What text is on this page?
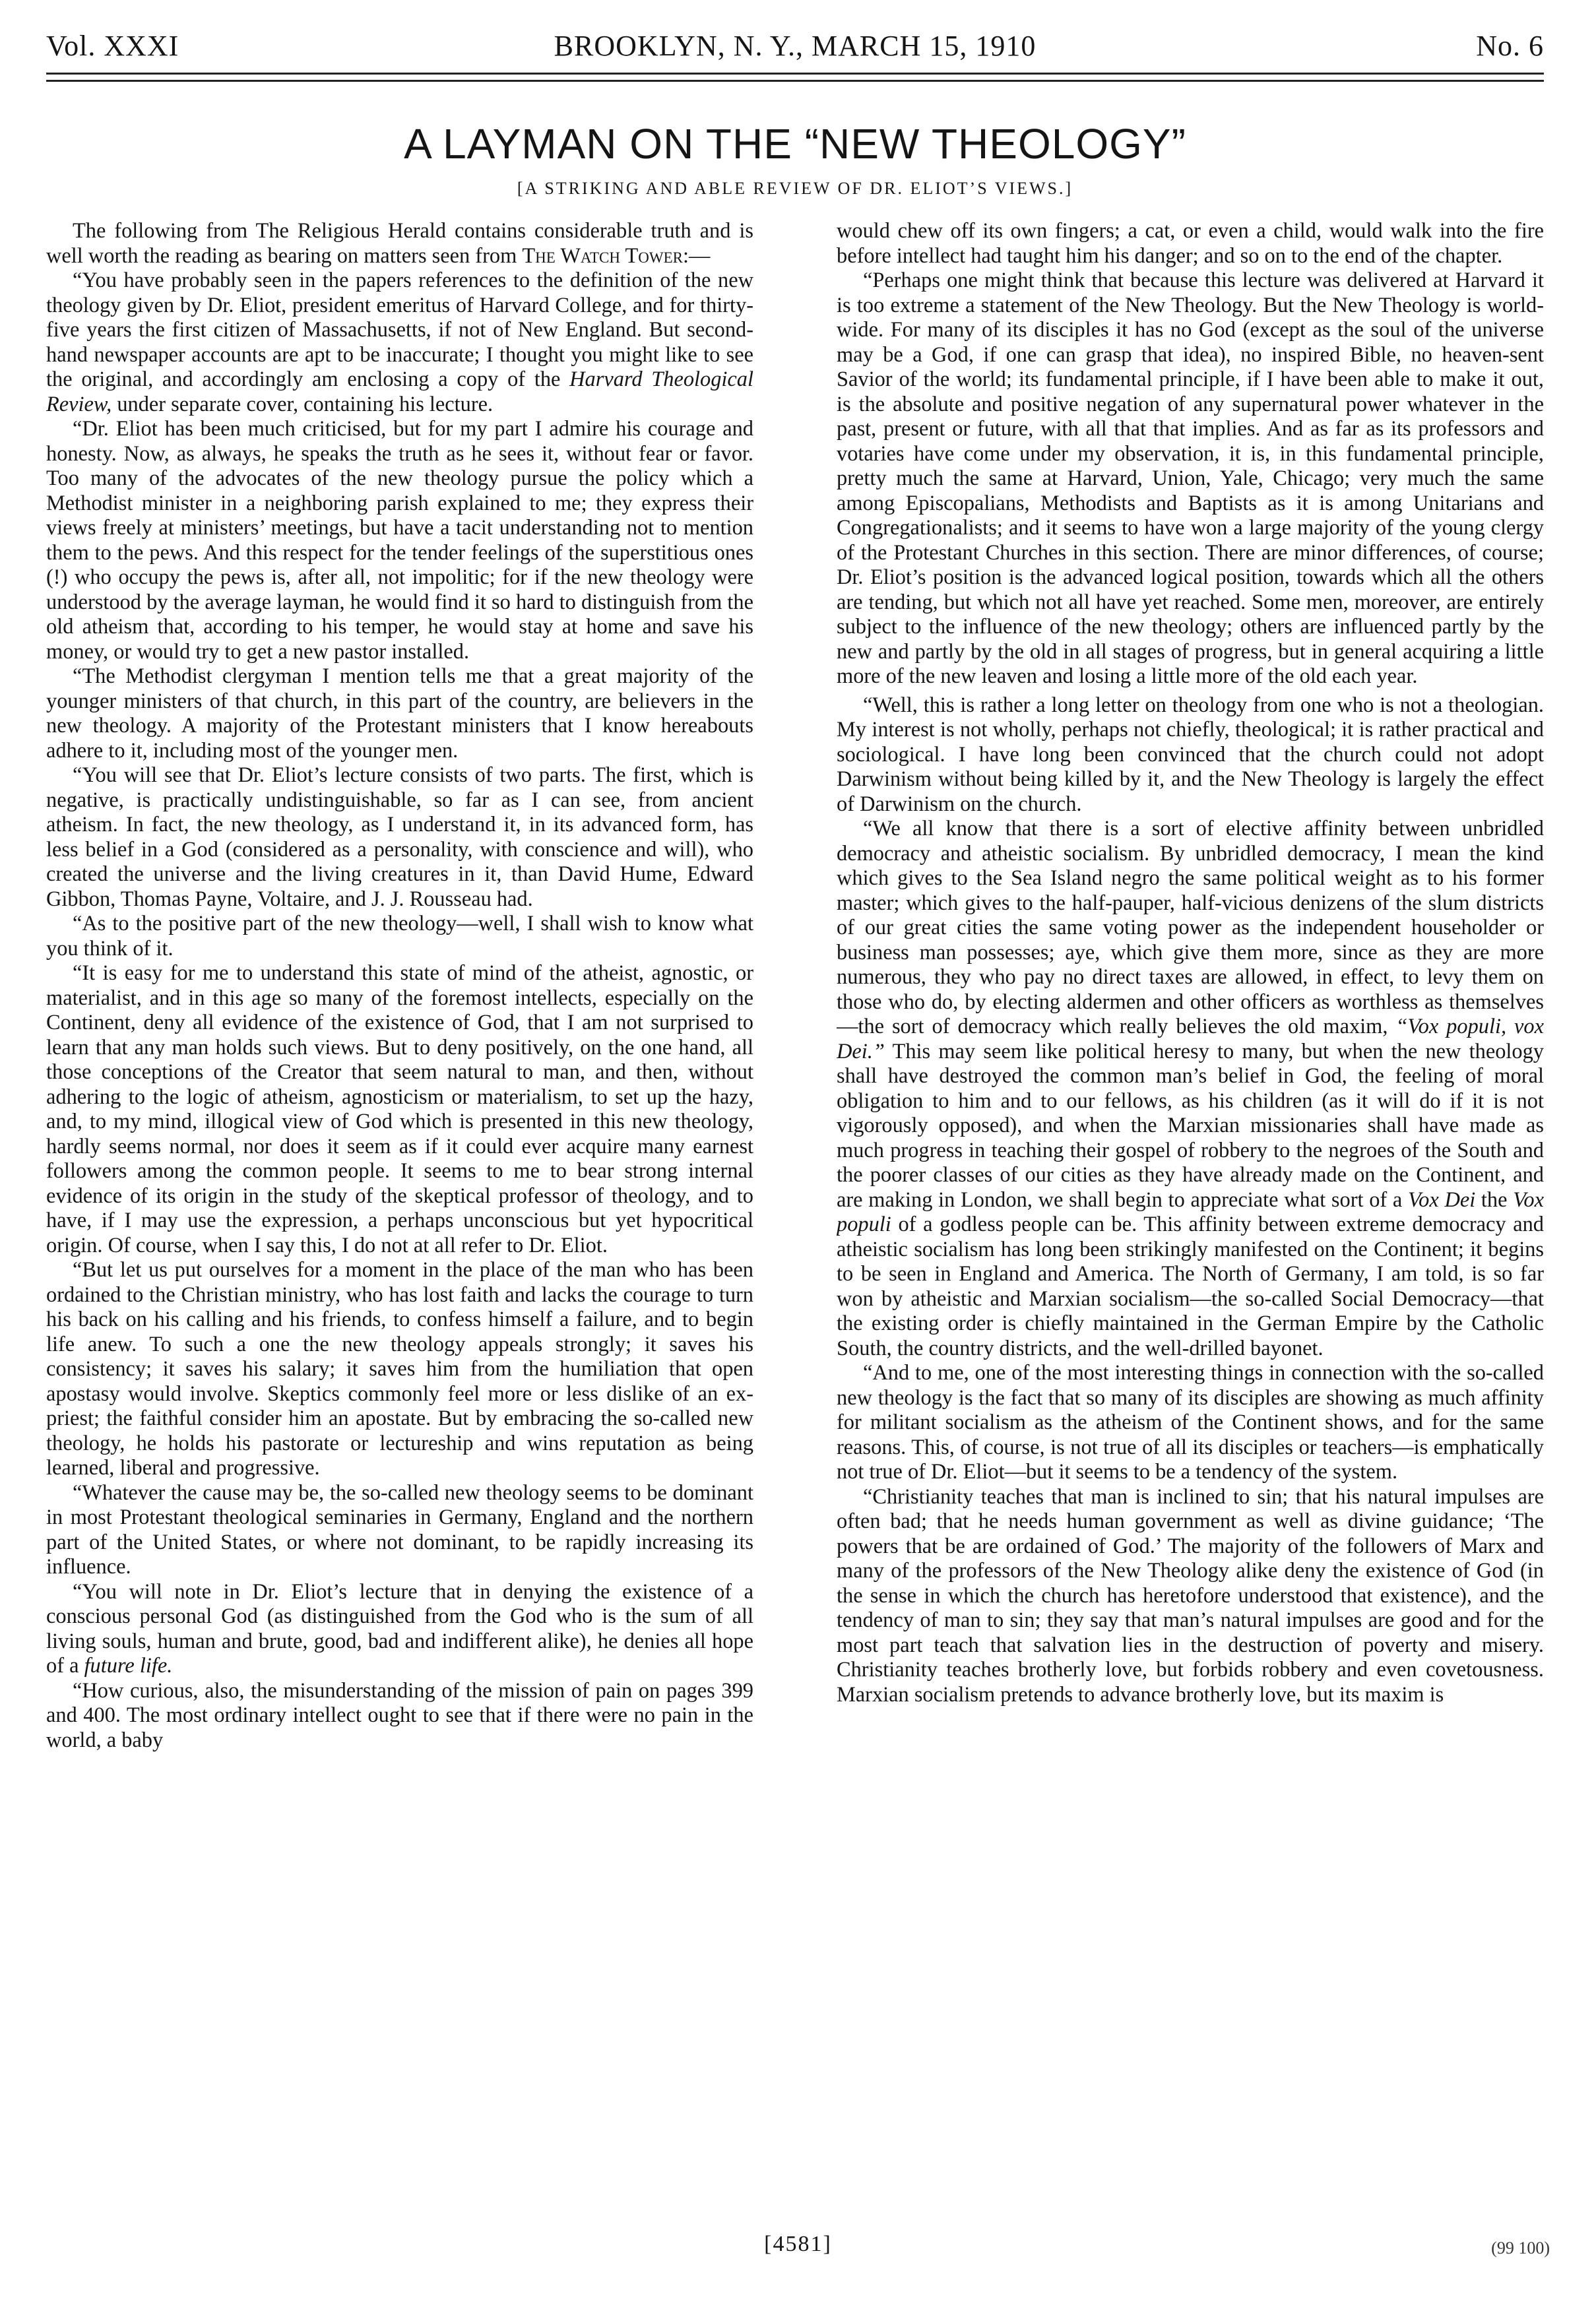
Vol. XXXI	BROOKLYN, N. Y., MARCH 15, 1910	No. 6
A LAYMAN ON THE “NEW THEOLOGY”

[A STRIKING AND ABLE REVIEW OF DR. ELIOT’S VIEWS.]

The following from The Religious Herald contains considerable truth and is well worth the reading as bearing on matters seen from The Watch Tower:—

“You have probably seen in the papers references to the definition of the new theology given by Dr. Eliot, president emeritus of Harvard College, and for thirty-five years the first citizen of Massachusetts, if not of New England. But second-hand newspaper accounts are apt to be inaccurate; I thought you might like to see the original, and accordingly am enclosing a copy of the Harvard Theological Review, under separate cover, containing his lecture.

“Dr. Eliot has been much criticised, but for my part I admire his courage and honesty. Now, as always, he speaks the truth as he sees it, without fear or favor. Too many of the advocates of the new theology pursue the policy which a Methodist minister in a neighboring parish explained to me; they express their views freely at ministers’ meetings, but have a tacit understanding not to mention them to the pews. And this respect for the tender feelings of the superstitious ones (!) who occupy the pews is, after all, not impolitic; for if the new theology were understood by the average layman, he would find it so hard to distinguish from the old atheism that, according to his temper, he would stay at home and save his money, or would try to get a new pastor installed.

“The Methodist clergyman I mention tells me that a great majority of the younger ministers of that church, in this part of the country, are believers in the new theology. A majority of the Protestant ministers that I know hereabouts adhere to it, including most of the younger men.

“You will see that Dr. Eliot’s lecture consists of two parts. The first, which is negative, is practically undistinguishable, so far as I can see, from ancient atheism. In fact, the new theology, as I understand it, in its advanced form, has less belief in a God (considered as a personality, with conscience and will), who created the universe and the living creatures in it, than David Hume, Edward Gibbon, Thomas Payne, Voltaire, and J. J. Rousseau had.

“As to the positive part of the new theology—well, I shall wish to know what you think of it.

“It is easy for me to understand this state of mind of the atheist, agnostic, or materialist, and in this age so many of the foremost intellects, especially on the Continent, deny all evidence of the existence of God, that I am not surprised to learn that any man holds such views. But to deny positively, on the one hand, all those conceptions of the Creator that seem natural to man, and then, without adhering to the logic of atheism, agnosticism or materialism, to set up the hazy, and, to my mind, illogical view of God which is presented in this new theology, hardly seems normal, nor does it seem as if it could ever acquire many earnest followers among the common people. It seems to me to bear strong internal evidence of its origin in the study of the skeptical professor of theology, and to have, if I may use the expression, a perhaps unconscious but yet hypocritical origin. Of course, when I say this, I do not at all refer to Dr. Eliot.

“But let us put ourselves for a moment in the place of the man who has been ordained to the Christian ministry, who has lost faith and lacks the courage to turn his back on his calling and his friends, to confess himself a failure, and to begin life anew. To such a one the new theology appeals strongly; it saves his consistency; it saves his salary; it saves him from the humiliation that open apostasy would involve. Skeptics commonly feel more or less dislike of an ex-priest; the faithful consider him an apostate. But by embracing the so-called new theology, he holds his pastorate or lectureship and wins reputation as being learned, liberal and progressive.

“Whatever the cause may be, the so-called new theology seems to be dominant in most Protestant theological seminaries in Germany, England and the northern part of the United States, or where not dominant, to be rapidly increasing its influence.

“You will note in Dr. Eliot’s lecture that in denying the existence of a conscious personal God (as distinguished from the God who is the sum of all living souls, human and brute, good, bad and indifferent alike), he denies all hope of a future life.

“How curious, also, the misunderstanding of the mission of pain on pages 399 and 400. The most ordinary intellect ought to see that if there were no pain in the world, a baby

would chew off its own fingers; a cat, or even a child, would walk into the fire before intellect had taught him his danger; and so on to the end of the chapter.

“Perhaps one might think that because this lecture was delivered at Harvard it is too extreme a statement of the New Theology. But the New Theology is world-wide. For many of its disciples it has no God (except as the soul of the universe may be a God, if one can grasp that idea), no inspired Bible, no heaven-sent Savior of the world; its fundamental principle, if I have been able to make it out, is the absolute and positive negation of any supernatural power whatever in the past, present or future, with all that that implies. And as far as its professors and votaries have come under my observation, it is, in this fundamental principle, pretty much the same at Harvard, Union, Yale, Chicago; very much the same among Episcopalians, Methodists and Baptists as it is among Unitarians and Congregationalists; and it seems to have won a large majority of the young clergy of the Protestant Churches in this section. There are minor differences, of course; Dr. Eliot’s position is the advanced logical position, towards which all the others are tending, but which not all have yet reached. Some men, moreover, are entirely subject to the influence of the new theology; others are influenced partly by the new and partly by the old in all stages of progress, but in general acquiring a little more of the new leaven and losing a little more of the old each year.

“Well, this is rather a long letter on theology from one who is not a theologian. My interest is not wholly, perhaps not chiefly, theological; it is rather practical and sociological. I have long been convinced that the church could not adopt Darwinism without being killed by it, and the New Theology is largely the effect of Darwinism on the church.

“We all know that there is a sort of elective affinity between unbridled democracy and atheistic socialism. By unbridled democracy, I mean the kind which gives to the Sea Island negro the same political weight as to his former master; which gives to the half-pauper, half-vicious denizens of the slum districts of our great cities the same voting power as the independent householder or business man possesses; aye, which give them more, since as they are more numerous, they who pay no direct taxes are allowed, in effect, to levy them on those who do, by electing aldermen and other officers as worthless as themselves—the sort of democracy which really believes the old maxim, “Vox populi, vox Dei.” This may seem like political heresy to many, but when the new theology shall have destroyed the common man’s belief in God, the feeling of moral obligation to him and to our fellows, as his children (as it will do if it is not vigorously opposed), and when the Marxian missionaries shall have made as much progress in teaching their gospel of robbery to the negroes of the South and the poorer classes of our cities as they have already made on the Continent, and are making in London, we shall begin to appreciate what sort of a Vox Dei the Vox populi of a godless people can be. This affinity between extreme democracy and atheistic socialism has long been strikingly manifested on the Continent; it begins to be seen in England and America. The North of Germany, I am told, is so far won by atheistic and Marxian socialism—the so-called Social Democracy—that the existing order is chiefly maintained in the German Empire by the Catholic South, the country districts, and the well-drilled bayonet.

“And to me, one of the most interesting things in connection with the so-called new theology is the fact that so many of its disciples are showing as much affinity for militant socialism as the atheism of the Continent shows, and for the same reasons. This, of course, is not true of all its disciples or teachers—is emphatically not true of Dr. Eliot—but it seems to be a tendency of the system.

“Christianity teaches that man is inclined to sin; that his natural impulses are often bad; that he needs human government as well as divine guidance; ‘The powers that be are ordained of God.’ The majority of the followers of Marx and many of the professors of the New Theology alike deny the existence of God (in the sense in which the church has heretofore understood that existence), and the tendency of man to sin; they say that man’s natural impulses are good and for the most part teach that salvation lies in the destruction of poverty and misery. Christianity teaches brotherly love, but forbids robbery and even covetousness. Marxian socialism pretends to advance brotherly love, but its maxim is

[4581]	(99 100)
